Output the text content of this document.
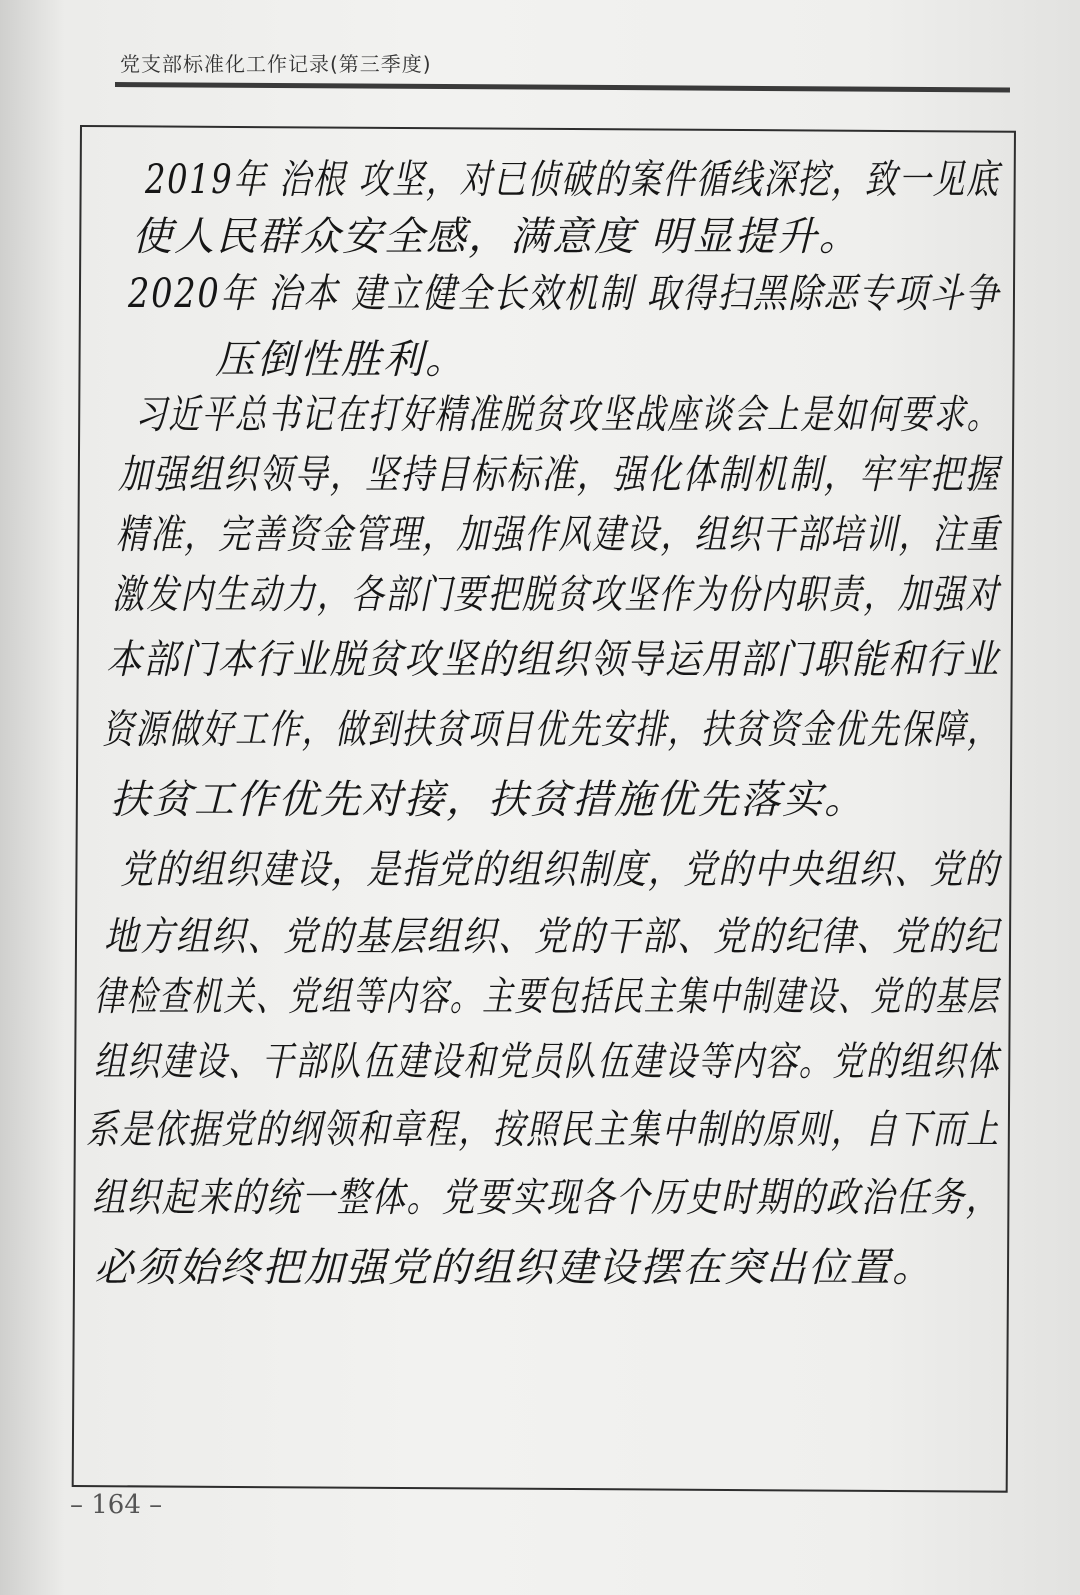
党支部标准化工作记录(第三季度)
2019年 治根 攻坚，对已侦破的案件循线深挖，致一见底
使人民群众安全感，满意度 明显提升。
2020年 治本 建立健全长效机制 取得扫黑除恶专项斗争
压倒性胜利。
习近平总书记在打好精准脱贫攻坚战座谈会上是如何要求。
加强组织领导，坚持目标标准，强化体制机制，牢牢把握
精准，完善资金管理，加强作风建设，组织干部培训，注重
激发内生动力，各部门要把脱贫攻坚作为份内职责，加强对
本部门本行业脱贫攻坚的组织领导运用部门职能和行业
资源做好工作，做到扶贫项目优先安排，扶贫资金优先保障，
扶贫工作优先对接，扶贫措施优先落实。
党的组织建设，是指党的组织制度，党的中央组织、党的
地方组织、党的基层组织、党的干部、党的纪律、党的纪
律检查机关、党组等内容。主要包括民主集中制建设、党的基层
组织建设、干部队伍建设和党员队伍建设等内容。党的组织体
系是依据党的纲领和章程，按照民主集中制的原则，自下而上
组织起来的统一整体。党要实现各个历史时期的政治任务，
必须始终把加强党的组织建设摆在突出位置。
– 164 –
